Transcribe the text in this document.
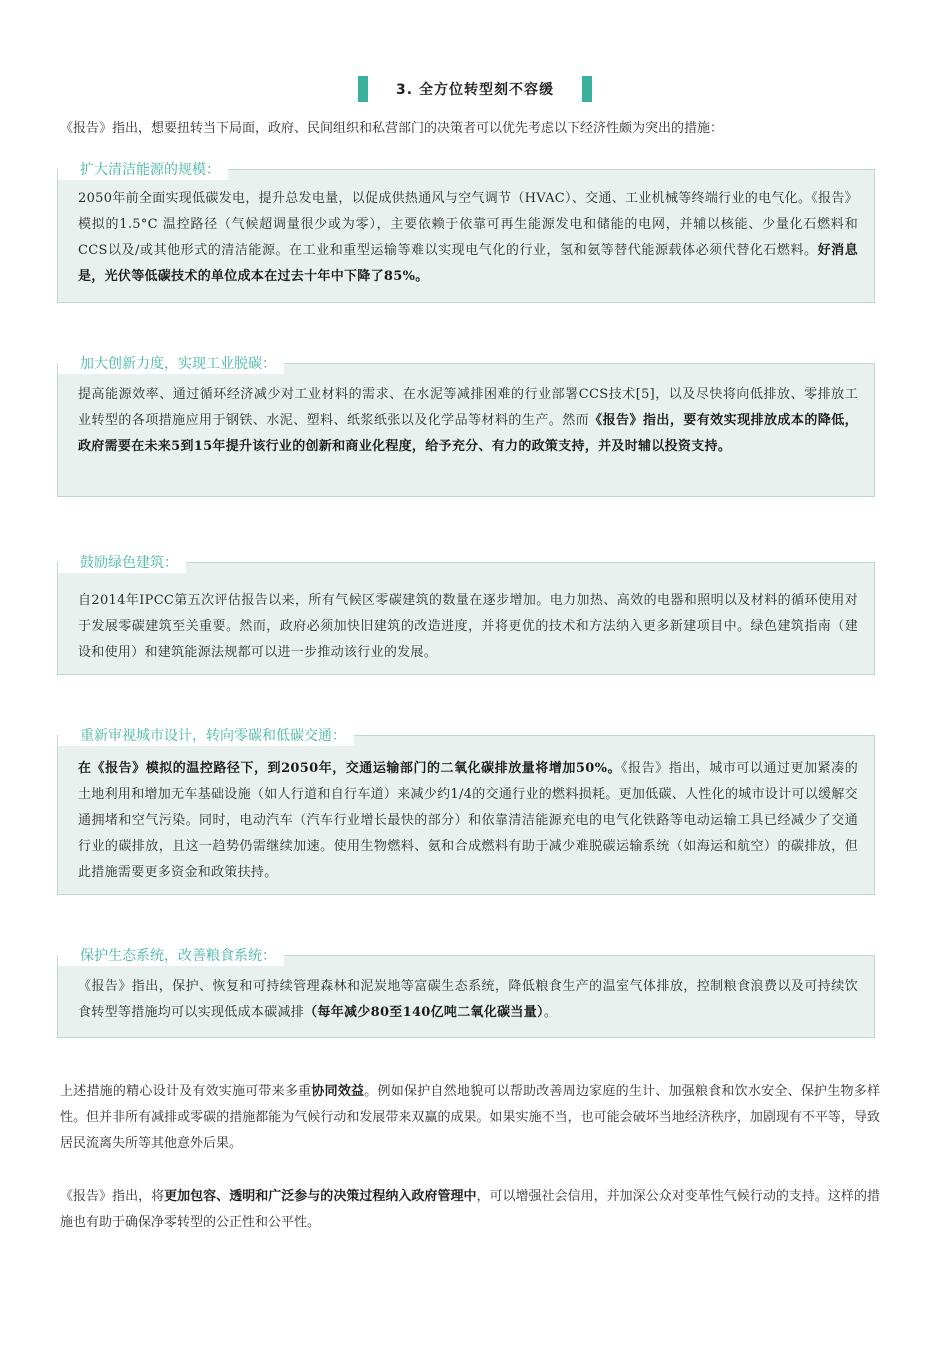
3. 全方位转型刻不容缓

《报告》指出，想要扭转当下局面，政府、民间组织和私营部门的决策者可以优先考虑以下经济性颇为突出的措施：

扩大清洁能源的规模：

2050年前全面实现低碳发电，提升总发电量，以促成供热通风与空气调节（HVAC）、交通、工业机械等终端行业的电气化。《报告》模拟的1.5°C 温控路径（气候超调量很少或为零），主要依赖于依靠可再生能源发电和储能的电网，并辅以核能、少量化石燃料和CCS以及/或其他形式的清洁能源。在工业和重型运输等难以实现电气化的行业，氢和氨等替代能源载体必须代替化石燃料。好消息是，光伏等低碳技术的单位成本在过去十年中下降了85%。

加大创新力度，实现工业脱碳：

提高能源效率、通过循环经济减少对工业材料的需求、在水泥等减排困难的行业部署CCS技术[5]，以及尽快将向低排放、零排放工业转型的各项措施应用于钢铁、水泥、塑料、纸浆纸张以及化学品等材料的生产。然而《报告》指出，要有效实现排放成本的降低，政府需要在未来5到15年提升该行业的创新和商业化程度，给予充分、有力的政策支持，并及时辅以投资支持。

鼓励绿色建筑：

自2014年IPCC第五次评估报告以来，所有气候区零碳建筑的数量在逐步增加。电力加热、高效的电器和照明以及材料的循环使用对于发展零碳建筑至关重要。然而，政府必须加快旧建筑的改造进度，并将更优的技术和方法纳入更多新建项目中。绿色建筑指南（建设和使用）和建筑能源法规都可以进一步推动该行业的发展。

重新审视城市设计，转向零碳和低碳交通：

在《报告》模拟的温控路径下，到2050年，交通运输部门的二氧化碳排放量将增加50%。《报告》指出，城市可以通过更加紧凑的土地利用和增加无车基础设施（如人行道和自行车道）来减少约1/4的交通行业的燃料损耗。更加低碳、人性化的城市设计可以缓解交通拥堵和空气污染。同时，电动汽车（汽车行业增长最快的部分）和依靠清洁能源充电的电气化铁路等电动运输工具已经减少了交通行业的碳排放，且这一趋势仍需继续加速。使用生物燃料、氨和合成燃料有助于减少难脱碳运输系统（如海运和航空）的碳排放，但此措施需要更多资金和政策扶持。

保护生态系统，改善粮食系统：

《报告》指出，保护、恢复和可持续管理森林和泥炭地等富碳生态系统，降低粮食生产的温室气体排放，控制粮食浪费以及可持续饮食转型等措施均可以实现低成本碳减排（每年减少80至140亿吨二氧化碳当量）。

上述措施的精心设计及有效实施可带来多重协同效益。例如保护自然地貌可以帮助改善周边家庭的生计、加强粮食和饮水安全、保护生物多样性。但并非所有减排或零碳的措施都能为气候行动和发展带来双赢的成果。如果实施不当，也可能会破坏当地经济秩序，加剧现有不平等，导致居民流离失所等其他意外后果。

《报告》指出，将更加包容、透明和广泛参与的决策过程纳入政府管理中，可以增强社会信用，并加深公众对变革性气候行动的支持。这样的措施也有助于确保净零转型的公正性和公平性。
